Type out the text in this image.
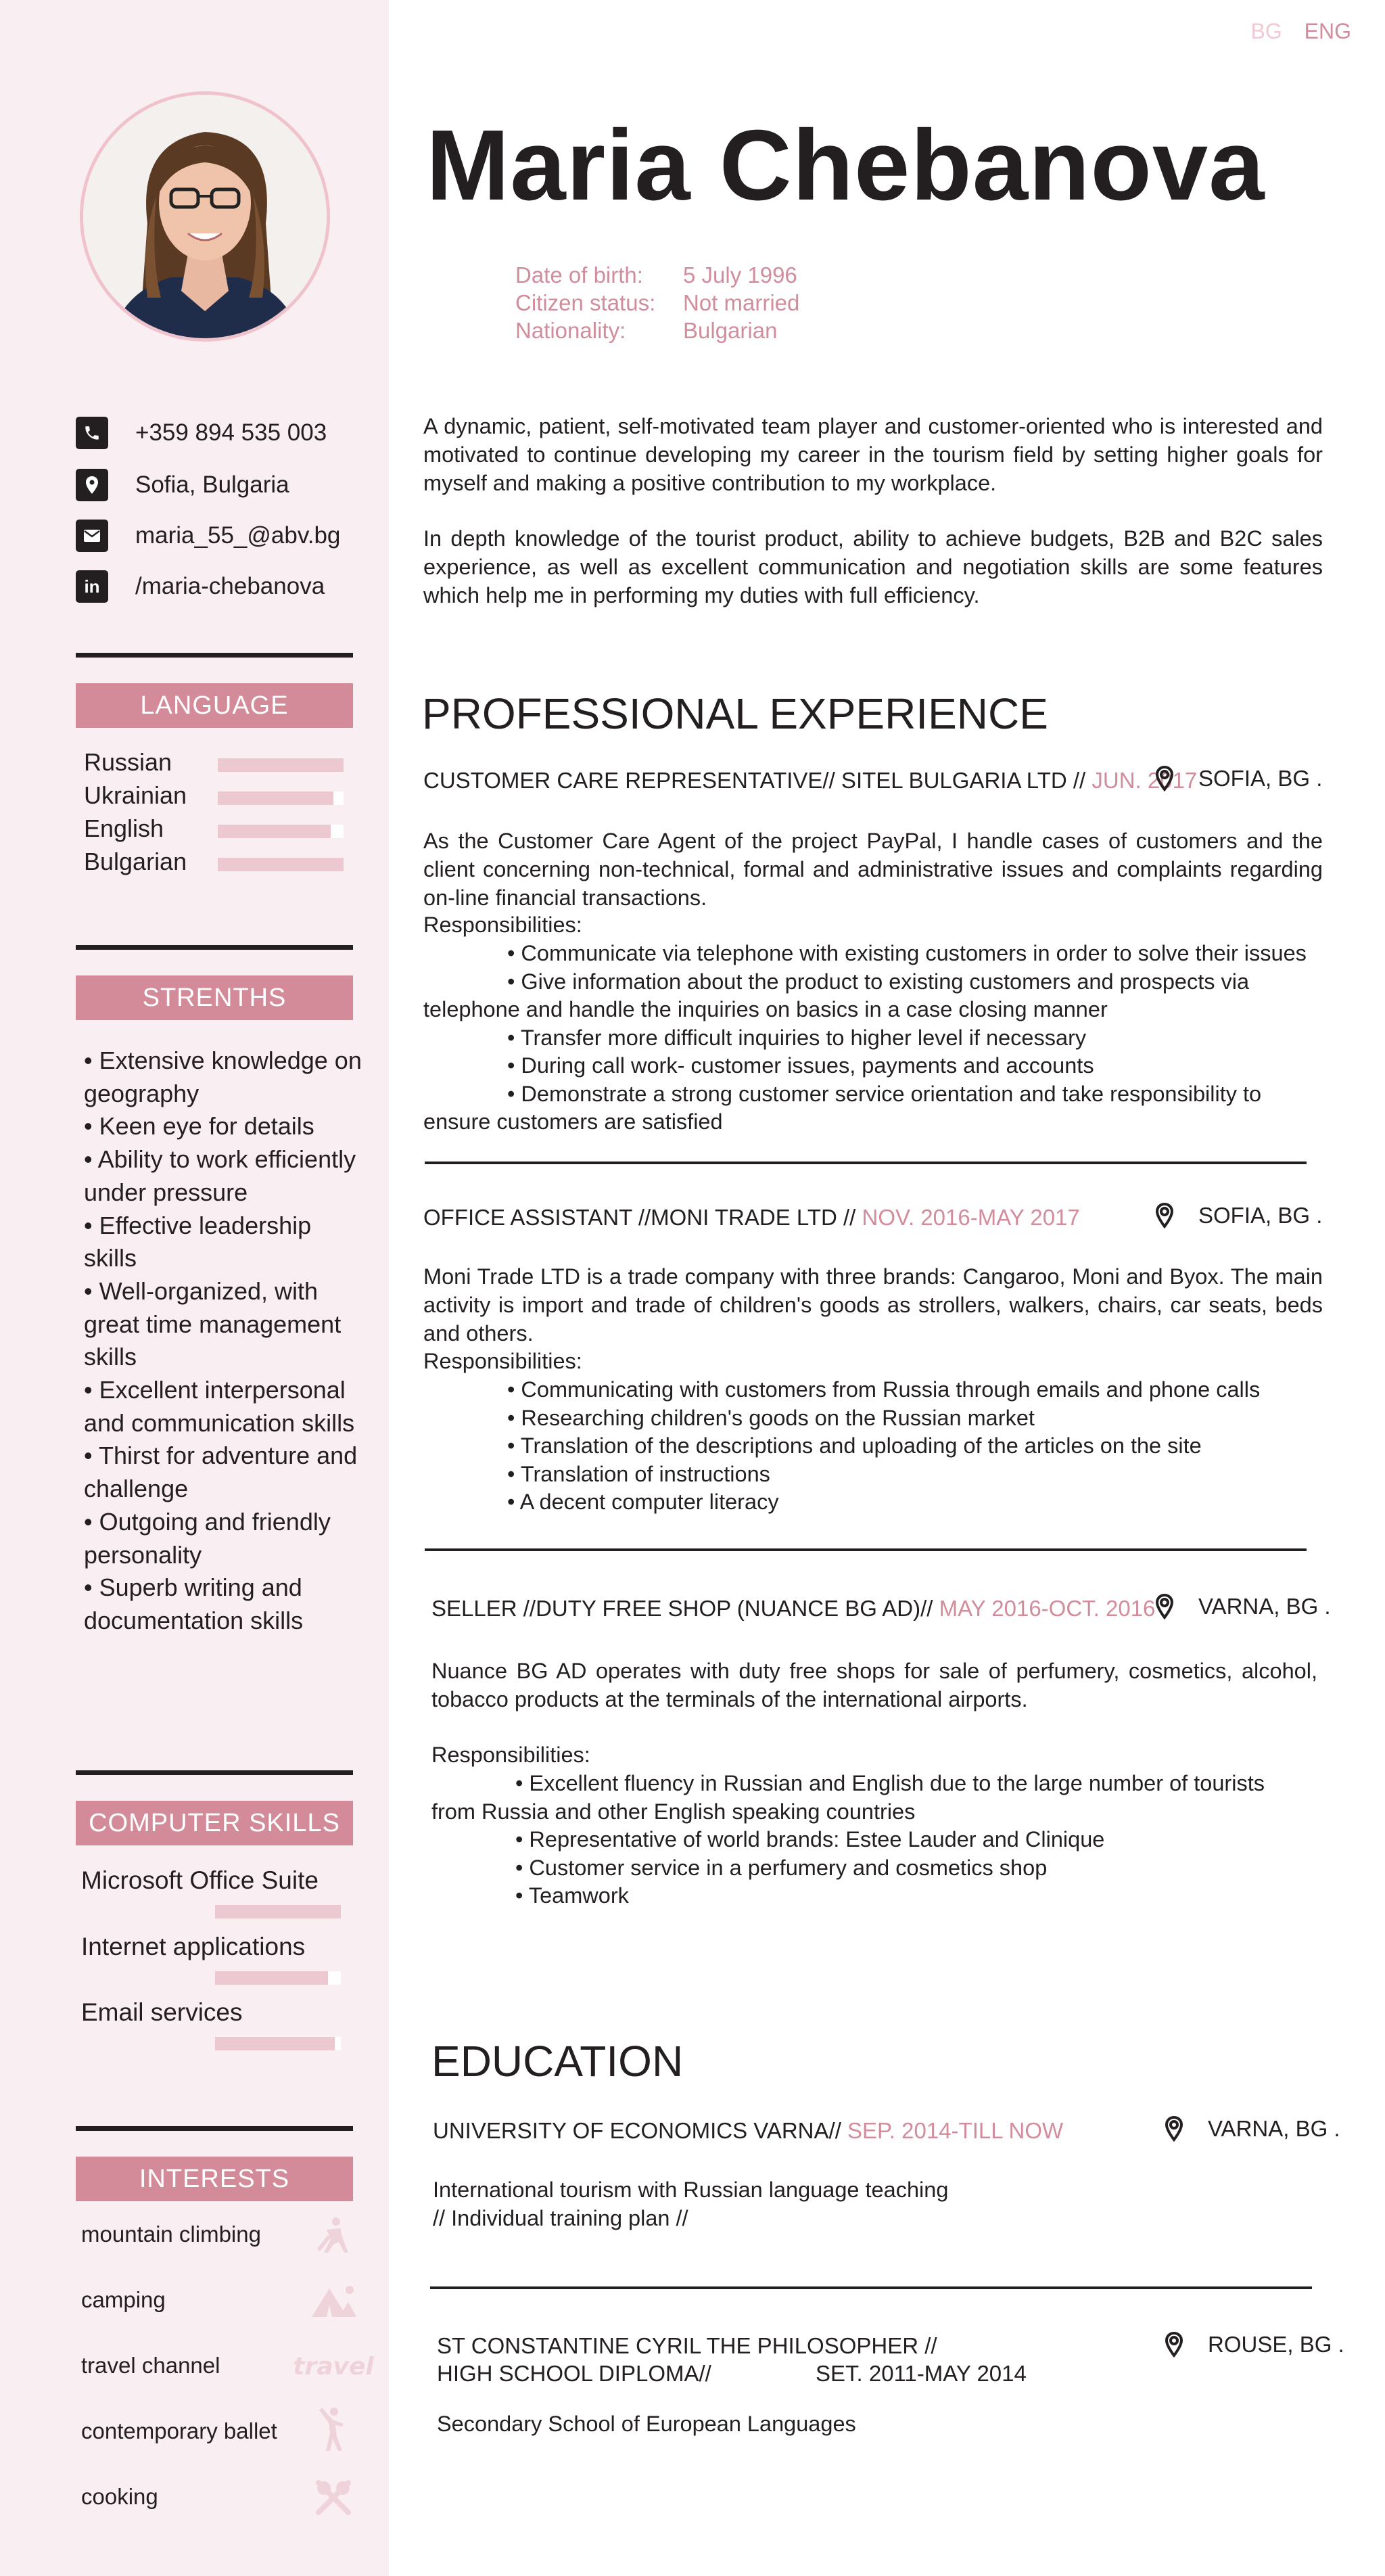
+359 894 535 003
Sofia, Bulgaria
maria_55_@abv.bg
in /maria-chebanova
LANGUAGE
Russian
Ukrainian
English
Bulgarian
STRENTHS
• Extensive knowledge on geography
• Keen eye for details
• Ability to work efficiently under pressure
• Effective leadership skills
• Well-organized, with great time management skills
• Excellent interpersonal and communication skills
• Thirst for adventure and challenge
• Outgoing and friendly personality
• Superb writing and documentation skills
COMPUTER SKILLS
Microsoft Office Suite
Internet applications
Email services
INTERESTS
mountain climbing
camping
travel channel	travel
contemporary ballet
cooking
BG ENG
Maria Chebanova
Date of birth: 5 July 1996
Citizen status: Not married
Nationality:	Bulgarian
A dynamic, patient, self-motivated team player and customer-oriented who is interested and motivated to continue developing my career in the tourism field by setting higher goals for myself and making a positive contribution to my workplace.
In depth knowledge of the tourist product, ability to achieve budgets, B2B and B2C sales experience, as well as excellent communication and negotiation skills are some features which help me in performing my duties with full efficiency.
PROFESSIONAL EXPERIENCE
CUSTOMER CARE REPRESENTATIVE// SITEL BULGARIA LTD // JUN. 2017 SOFIA, BG .
As the Customer Care Agent of the project PayPal, I handle cases of customers and the client concerning non-technical, formal and administrative issues and complaints regarding on-line financial transactions.
Responsibilities:
• Communicate via telephone with existing customers in order to solve their issues
• Give information about the product to existing customers and prospects via
telephone and handle the inquiries on basics in a case closing manner
• Transfer more difficult inquiries to higher level if necessary
• During call work- customer issues, payments and accounts
• Demonstrate a strong customer service orientation and take responsibility to
ensure customers are satisfied
OFFICE ASSISTANT //MONI TRADE LTD // NOV. 2016-MAY 2017	SOFIA, BG .
Moni Trade LTD is a trade company with three brands: Cangaroo, Moni and Byox. The main activity is import and trade of children's goods as strollers, walkers, chairs, car seats, beds and others.
Responsibilities:
• Communicating with customers from Russia through emails and phone calls
• Researching children's goods on the Russian market
• Translation of the descriptions and uploading of the articles on the site
• Translation of instructions
• A decent computer literacy
SELLER //DUTY FREE SHOP (NUANCE BG AD)// MAY 2016-OCT. 2016 VARNA, BG .
Nuance BG AD operates with duty free shops for sale of perfumery, cosmetics, alcohol, tobacco products at the terminals of the international airports.
Responsibilities:
• Excellent fluency in Russian and English due to the large number of tourists
from Russia and other English speaking countries
• Representative of world brands: Estee Lauder and Clinique
• Customer service in a perfumery and cosmetics shop
• Teamwork
EDUCATION
UNIVERSITY OF ECONOMICS VARNA// SEP. 2014-TILL NOW	VARNA, BG .
International tourism with Russian language teaching
// Individual training plan //
ST CONSTANTINE CYRIL THE PHILOSOPHER //
HIGH SCHOOL DIPLOMA//	SET. 2011-MAY 2014
ROUSE, BG .
Secondary School of European Languages
